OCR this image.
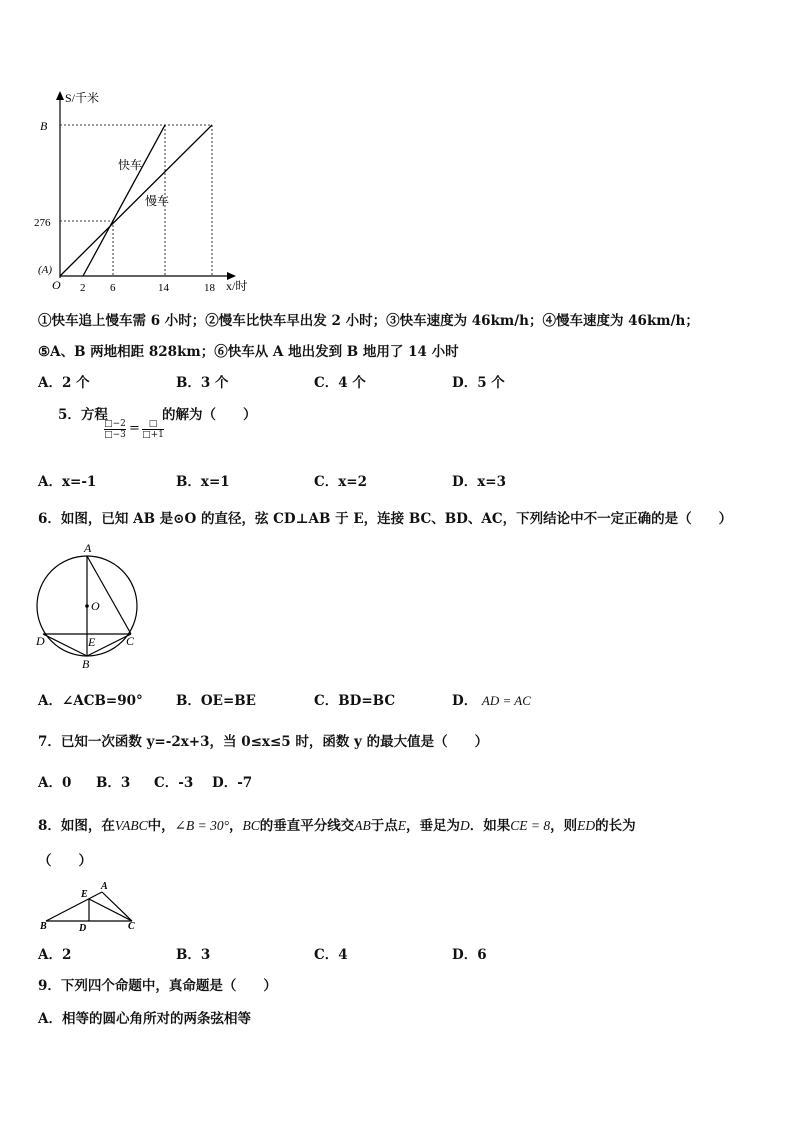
S/千米
B
276
(A)
O 2 6	14	18 x/时
快车
慢车
①快车追上慢车需 6 小时；②慢车比快车早出发 2 小时；③快车速度为 46km/h；④慢车速度为 46km/h；
⑤A、B 两地相距 828km；⑥快车从 A 地出发到 B 地用了 14 小时
A．2 个	B．3 个	C．4 个	D．5 个
5．方程
$\frac{□-2}{□-3}$ = □
□+1
的解为（　　）
A．x=-1	B．x=1	C．x=2	D．x=3
6．如图，已知 AB 是⊙O 的直径，弦 CD⊥AB 于 E，连接 BC、BD、AC，下列结论中不一定正确的是（　　）
A
O
D	E	C
B
A．∠ACB=90° B．OE=BE	C．BD=BC	D． AD = AC
7．已知一次函数 y=-2x+3，当 0≤x≤5 时，函数 y 的最大值是（　　）
A．0 B．3 C．-3 D．-7
8．如图，在VABC中，∠B = 30°，BC的垂直平分线交AB于点E，垂足为D．如果CE = 8，则ED的长为
（　　）
B
E
A
D	C
A．2	B．3	C．4	D．6
9．下列四个命题中，真命题是（　　）
A．相等的圆心角所对的两条弦相等
